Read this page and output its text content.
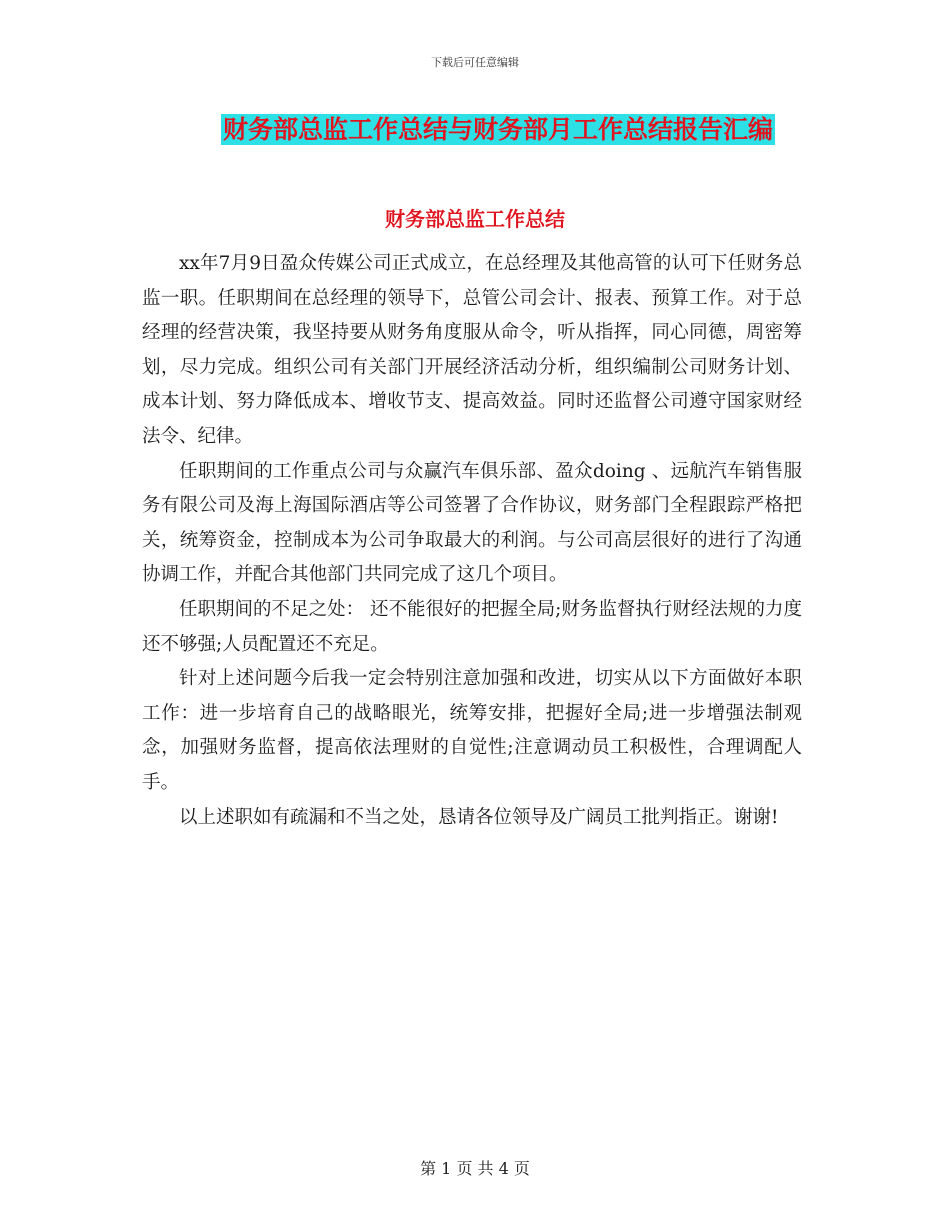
下载后可任意编辑
财务部总监工作总结与财务部月工作总结报告汇编
财务部总监工作总结

xx年7月9日盈众传媒公司正式成立，在总经理及其他高管的认可下任财务总监一职。任职期间在总经理的领导下，总管公司会计、报表、预算工作。对于总经理的经营决策，我坚持要从财务角度服从命令，听从指挥，同心同德，周密筹划，尽力完成。组织公司有关部门开展经济活动分析，组织编制公司财务计划、成本计划、努力降低成本、增收节支、提高效益。同时还监督公司遵守国家财经法令、纪律。

任职期间的工作重点公司与众赢汽车俱乐部、盈众doing 、远航汽车销售服务有限公司及海上海国际酒店等公司签署了合作协议，财务部门全程跟踪严格把关，统筹资金，控制成本为公司争取最大的利润。与公司高层很好的进行了沟通协调工作，并配合其他部门共同完成了这几个项目。

任职期间的不足之处： 还不能很好的把握全局;财务监督执行财经法规的力度还不够强;人员配置还不充足。

针对上述问题今后我一定会特别注意加强和改进，切实从以下方面做好本职工作：进一步培育自己的战略眼光，统筹安排，把握好全局;进一步增强法制观念，加强财务监督，提高依法理财的自觉性;注意调动员工积极性，合理调配人手。

以上述职如有疏漏和不当之处，恳请各位领导及广阔员工批判指正。谢谢!

第 1 页 共 4 页
